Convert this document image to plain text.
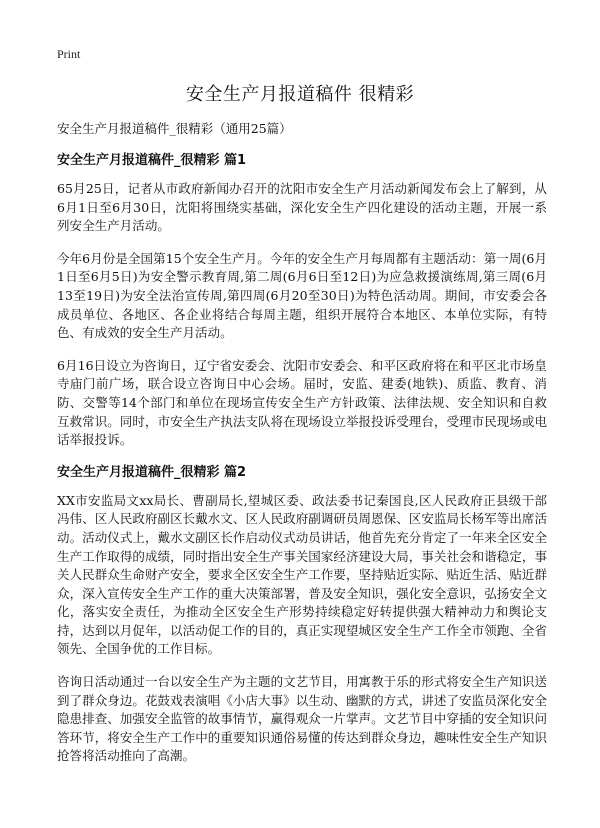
Print
安全生产月报道稿件 很精彩

安全生产月报道稿件_很精彩（通用25篇）

安全生产月报道稿件_很精彩 篇1

65月25日，记者从市政府新闻办召开的沈阳市安全生产月活动新闻发布会上了解到，从6月1日至6月30日，沈阳将围绕实基础，深化安全生产四化建设的活动主题，开展一系列安全生产月活动。

今年6月份是全国第15个安全生产月。今年的安全生产月每周都有主题活动：第一周(6月1日至6月5日)为安全警示教育周,第二周(6月6日至12日)为应急救援演练周,第三周(6月13至19日)为安全法治宣传周,第四周(6月20至30日)为特色活动周。期间，市安委会各成员单位、各地区、各企业将结合每周主题，组织开展符合本地区、本单位实际，有特色、有成效的安全生产月活动。

6月16日设立为咨询日，辽宁省安委会、沈阳市安委会、和平区政府将在和平区北市场皇寺庙门前广场，联合设立咨询日中心会场。届时，安监、建委(地铁)、质监、教育、消防、交警等14个部门和单位在现场宣传安全生产方针政策、法律法规、安全知识和自救互救常识。同时，市安全生产执法支队将在现场设立举报投诉受理台，受理市民现场或电话举报投诉。

安全生产月报道稿件_很精彩 篇2

XX市安监局文xx局长、曹副局长,望城区委、政法委书记秦国良,区人民政府正县级干部冯伟、区人民政府副区长戴水文、区人民政府副调研员周恩保、区安监局长杨军等出席活动。活动仪式上，戴水文副区长作启动仪式动员讲话，他首先充分肯定了一年来全区安全生产工作取得的成绩，同时指出安全生产事关国家经济建设大局，事关社会和谐稳定，事关人民群众生命财产安全，要求全区安全生产工作要，坚持贴近实际、贴近生活、贴近群众，深入宣传安全生产工作的重大决策部署，普及安全知识，强化安全意识，弘扬安全文化，落实安全责任，为推动全区安全生产形势持续稳定好转提供强大精神动力和舆论支持，达到以月促年，以活动促工作的目的，真正实现望城区安全生产工作全市领跑、全省领先、全国争优的工作目标。

咨询日活动通过一台以安全生产为主题的文艺节目，用寓教于乐的形式将安全生产知识送到了群众身边。花鼓戏表演唱《小店大事》以生动、幽默的方式，讲述了安监员深化安全隐患排查、加强安全监管的故事情节，赢得观众一片掌声。文艺节目中穿插的安全知识问答环节，将安全生产工作中的重要知识通俗易懂的传达到群众身边，趣味性安全生产知识抢答将活动推向了高潮。
